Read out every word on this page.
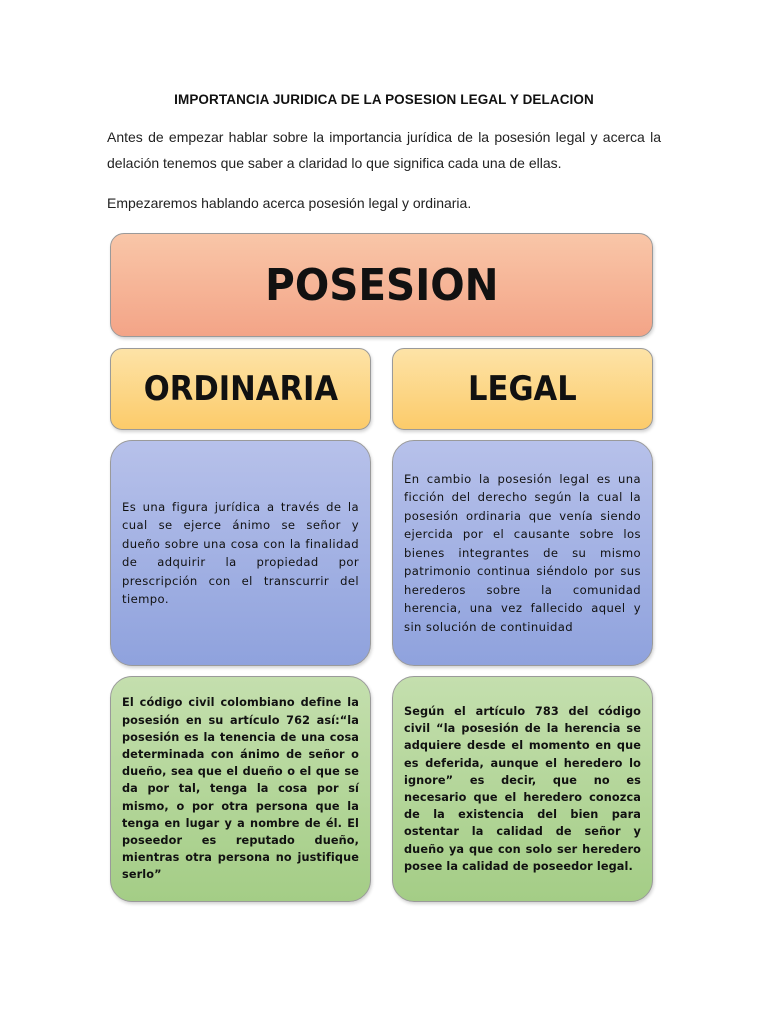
IMPORTANCIA JURIDICA DE LA POSESION LEGAL Y DELACION
Antes de empezar hablar sobre la importancia jurídica de la posesión legal y acerca la delación tenemos que saber a claridad lo que significa cada una de ellas.
Empezaremos hablando acerca posesión legal y ordinaria.
POSESION
ORDINARIA	LEGAL
Es una figura jurídica a través de la cual se ejerce ánimo se señor y dueño sobre una cosa con la finalidad de adquirir la propiedad por prescripción con el transcurrir del tiempo.
En cambio la posesión legal es una ficción del derecho según la cual la posesión ordinaria que venía siendo ejercida por el causante sobre los bienes integrantes de su mismo patrimonio continua siéndolo por sus herederos sobre la comunidad herencia, una vez fallecido aquel y sin solución de continuidad
El código civil colombiano define la posesión en su artículo 762 así:“la posesión es la tenencia de una cosa determinada con ánimo de señor o dueño, sea que el dueño o el que se da por tal, tenga la cosa por sí mismo, o por otra persona que la tenga en lugar y a nombre de él. El poseedor es reputado dueño, mientras otra persona no justifique serlo”
Según el artículo 783 del código civil “la posesión de la herencia se adquiere desde el momento en que es deferida, aunque el heredero lo ignore” es decir, que no es necesario que el heredero conozca de la existencia del bien para ostentar la calidad de señor y dueño ya que con solo ser heredero posee la calidad de poseedor legal.
